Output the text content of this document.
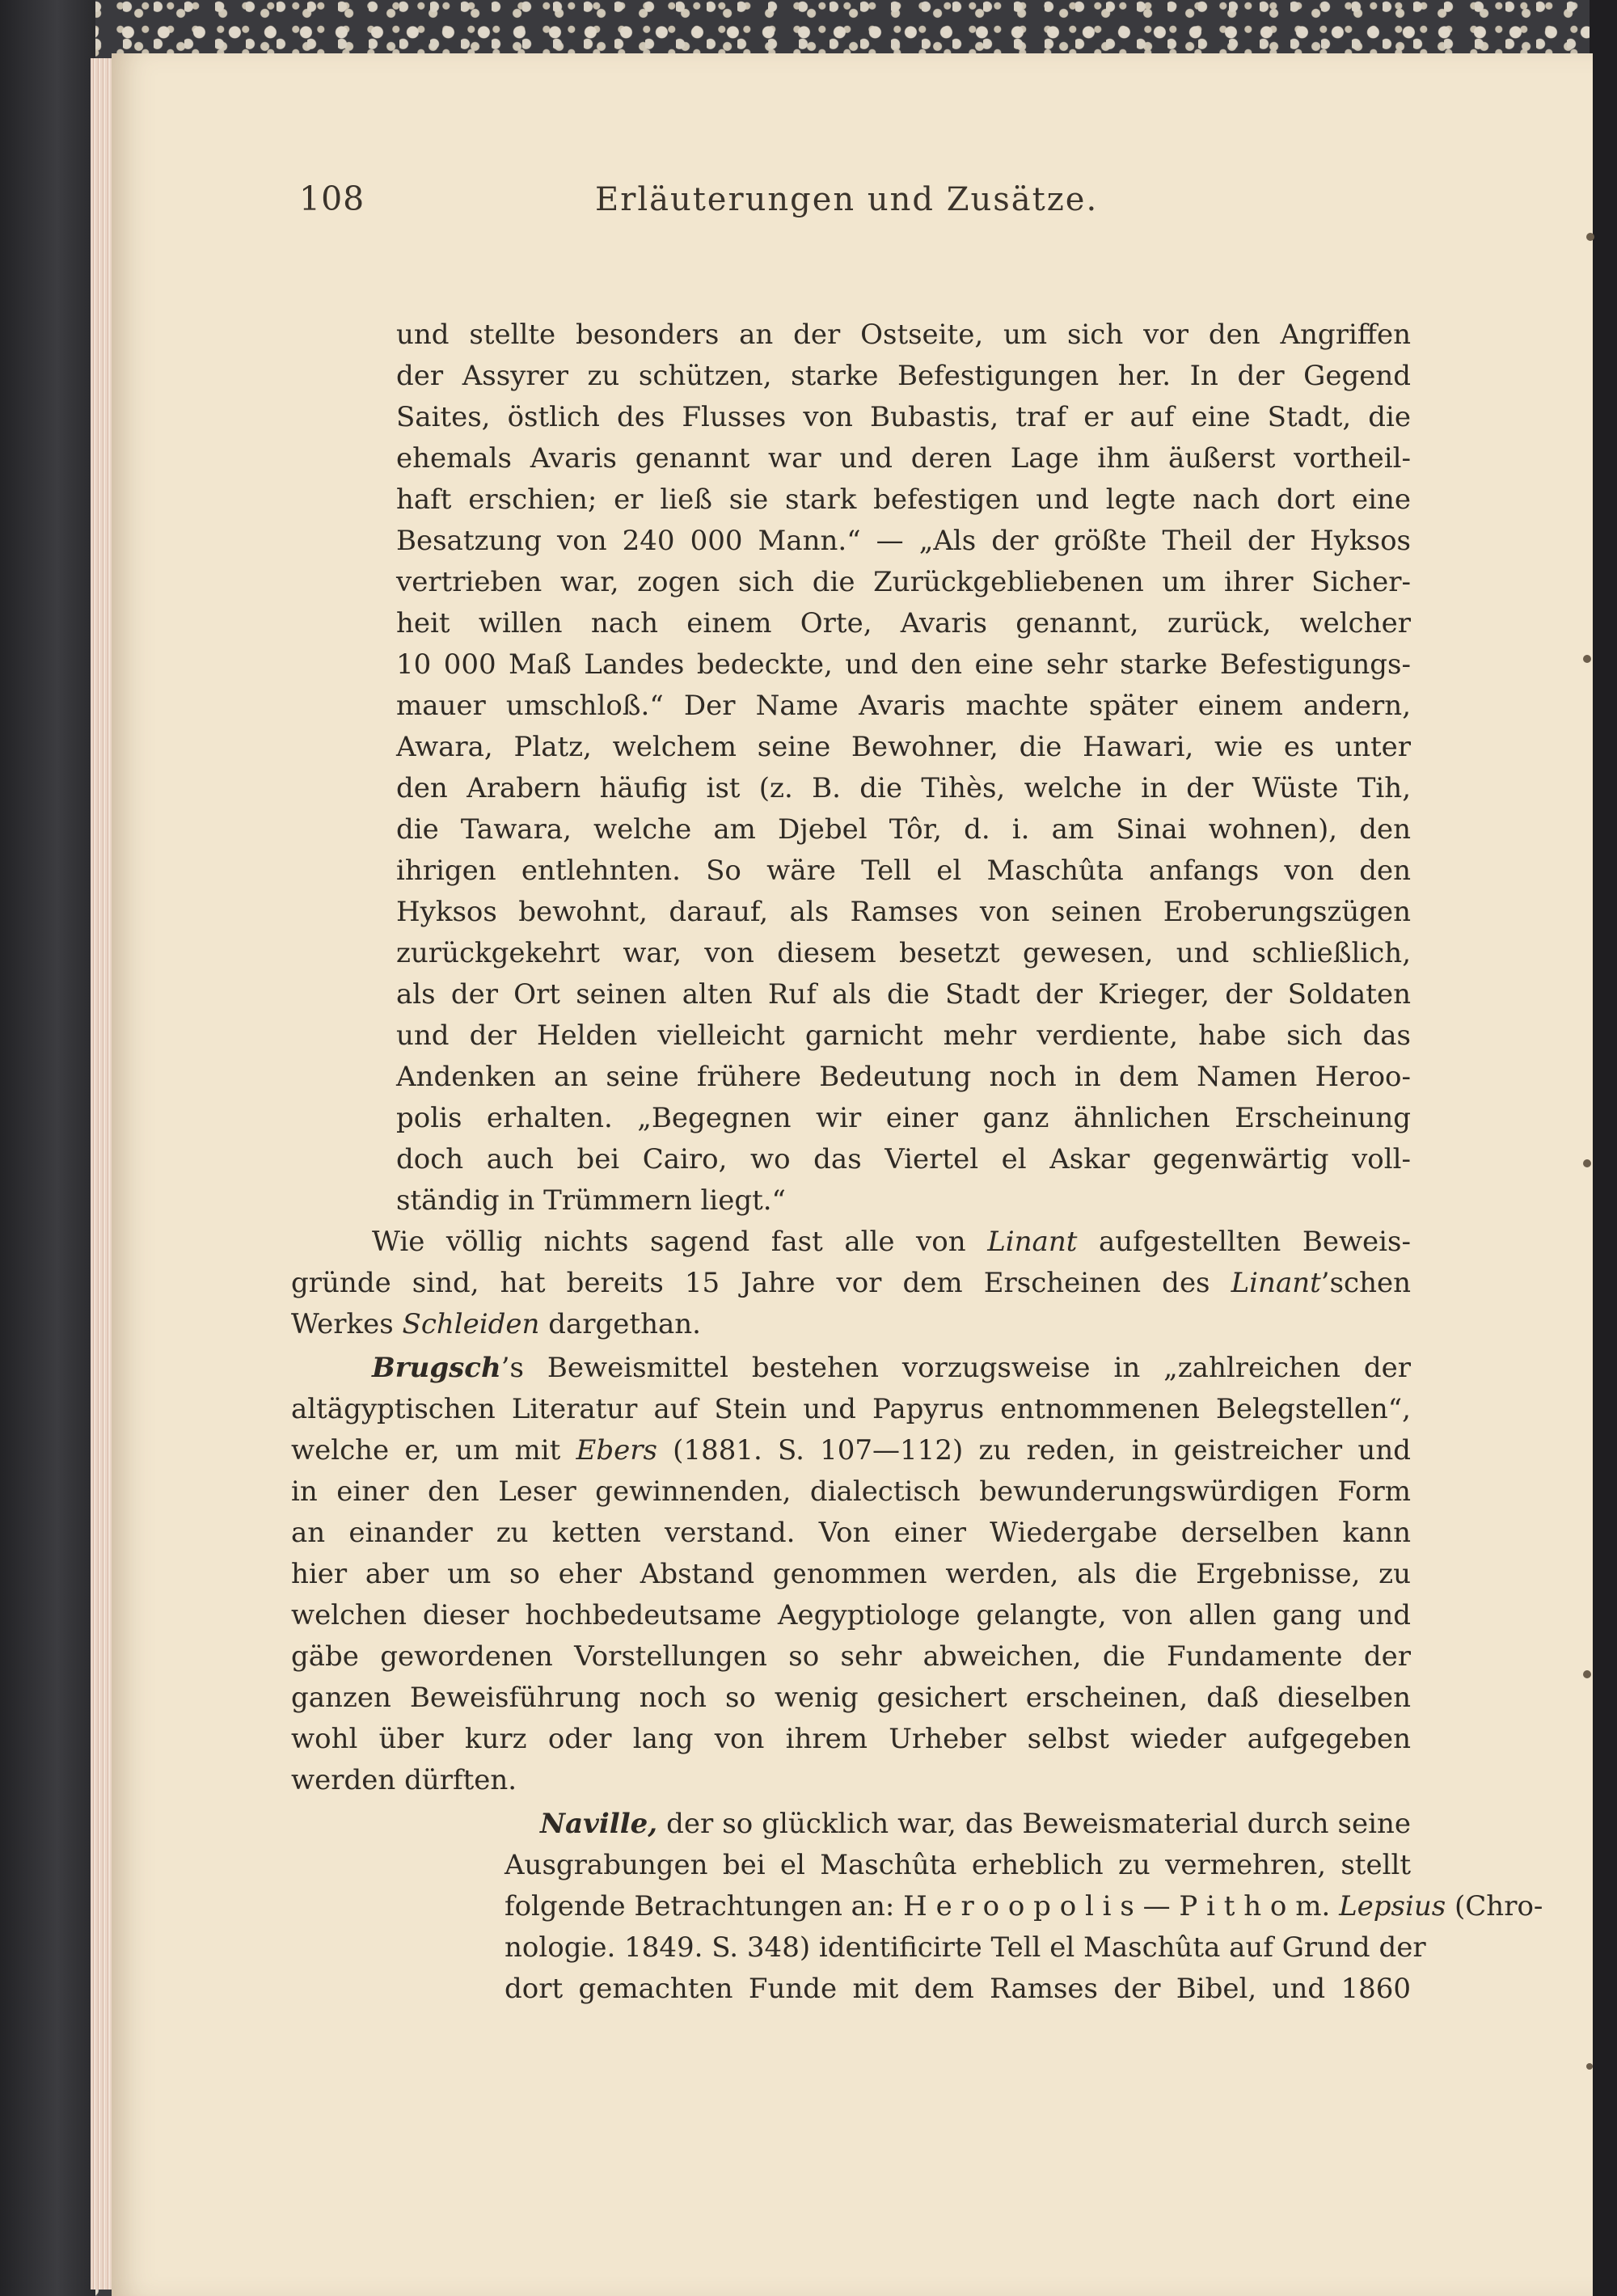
108	Erläuterungen und Zusätze.
und stellte besonders an der Ostseite, um sich vor den Angriffen
der Assyrer zu schützen, starke Befestigungen her. In der Gegend
Saites, östlich des Flusses von Bubastis, traf er auf eine Stadt, die
ehemals Avaris genannt war und deren Lage ihm äußerst vortheil-
haft erschien; er ließ sie stark befestigen und legte nach dort eine
Besatzung von 240 000 Mann.“ — „Als der größte Theil der Hyksos
vertrieben war, zogen sich die Zurückgebliebenen um ihrer Sicher-
heit willen nach einem Orte, Avaris genannt, zurück, welcher
10 000 Maß Landes bedeckte, und den eine sehr starke Befestigungs-
mauer umschloß.“ Der Name Avaris machte später einem andern,
Awara, Platz, welchem seine Bewohner, die Hawari, wie es unter
den Arabern häufig ist (z. B. die Tihès, welche in der Wüste Tih,
die Tawara, welche am Djebel Tôr, d. i. am Sinai wohnen), den
ihrigen entlehnten. So wäre Tell el Maschûta anfangs von den
Hyksos bewohnt, darauf, als Ramses von seinen Eroberungszügen
zurückgekehrt war, von diesem besetzt gewesen, und schließlich,
als der Ort seinen alten Ruf als die Stadt der Krieger, der Soldaten
und der Helden vielleicht garnicht mehr verdiente, habe sich das
Andenken an seine frühere Bedeutung noch in dem Namen Heroo-
polis erhalten. „Begegnen wir einer ganz ähnlichen Erscheinung
doch auch bei Cairo, wo das Viertel el Askar gegenwärtig voll-
ständig in Trümmern liegt.“
Wie völlig nichts sagend fast alle von Linant aufgestellten Beweis-
gründe sind, hat bereits 15 Jahre vor dem Erscheinen des Linant’schen
Werkes Schleiden dargethan.
Brugsch’s Beweismittel bestehen vorzugsweise in „zahlreichen der
altägyptischen Literatur auf Stein und Papyrus entnommenen Belegstellen“,
welche er, um mit Ebers (1881. S. 107—112) zu reden, in geistreicher und
in einer den Leser gewinnenden, dialectisch bewunderungswürdigen Form
an einander zu ketten verstand. Von einer Wiedergabe derselben kann
hier aber um so eher Abstand genommen werden, als die Ergebnisse, zu
welchen dieser hochbedeutsame Aegyptiologe gelangte, von allen gang und
gäbe gewordenen Vorstellungen so sehr abweichen, die Fundamente der
ganzen Beweisführung noch so wenig gesichert erscheinen, daß dieselben
wohl über kurz oder lang von ihrem Urheber selbst wieder aufgegeben
werden dürften.
Naville, der so glücklich war, das Beweismaterial durch seine
Ausgrabungen bei el Maschûta erheblich zu vermehren, stellt
folgende Betrachtungen an: H e r o o p o l i s — P i t h o m. Lepsius (Chro-
nologie. 1849. S. 348) identificirte Tell el Maschûta auf Grund der
dort gemachten Funde mit dem Ramses der Bibel, und 1860
